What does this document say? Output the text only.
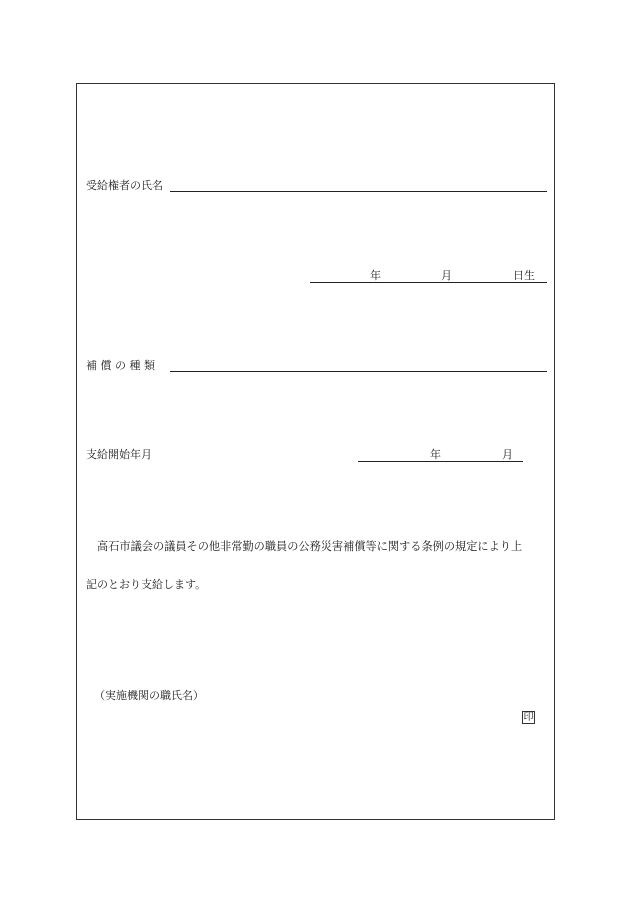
受給権者の氏名
年	月	日生
補 償 の 種 類
支給開始年月	年	月
高石市議会の議員その他非常勤の職員の公務災害補償等に関する条例の規定により上
記のとおり支給します。
（実施機関の職氏名）
印
